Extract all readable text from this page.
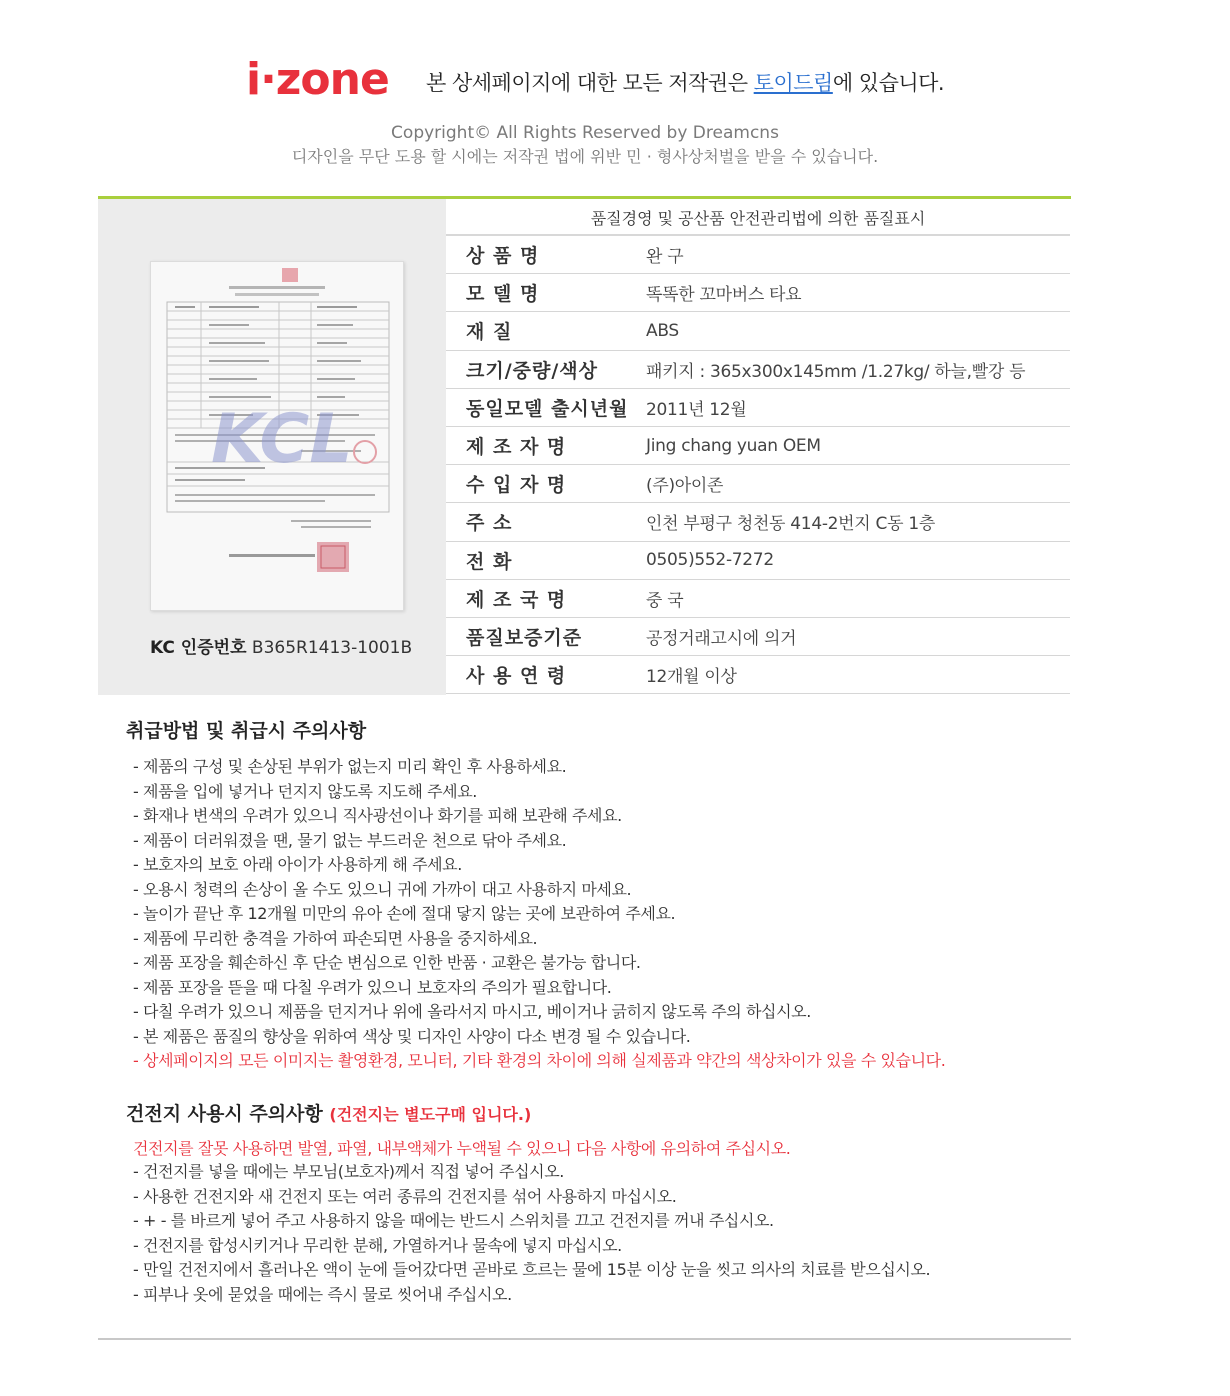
i·zone 본 상세페이지에 대한 모든 저작권은 토이드림에 있습니다.
Copyright© All Rights Reserved by Dreamcns
디자인을 무단 도용 할 시에는 저작권 법에 위반 민 · 형사상처벌을 받을 수 있습니다.
KCL
KC 인증번호 B365R1413-1001B
품질경영 및 공산품 안전관리법에 의한 품질표시
상 품 명	완 구
모 델 명	똑똑한 꼬마버스 타요
재 질	ABS
크기/중량/색상	패키지 : 365x300x145mm /1.27kg/ 하늘,빨강 등
동일모델 출시년월	2011년 12월
제 조 자 명	Jing chang yuan OEM
수 입 자 명	(주)아이존
주 소	인천 부평구 청천동 414-2번지 C동 1층
전 화	0505)552-7272
제 조 국 명	중 국
품질보증기준	공정거래고시에 의거
사 용 연 령	12개월 이상
취급방법 및 취급시 주의사항
- 제품의 구성 및 손상된 부위가 없는지 미리 확인 후 사용하세요.
- 제품을 입에 넣거나 던지지 않도록 지도해 주세요.
- 화재나 변색의 우려가 있으니 직사광선이나 화기를 피해 보관해 주세요.
- 제품이 더러워졌을 땐, 물기 없는 부드러운 천으로 닦아 주세요.
- 보호자의 보호 아래 아이가 사용하게 해 주세요.
- 오용시 청력의 손상이 올 수도 있으니 귀에 가까이 대고 사용하지 마세요.
- 놀이가 끝난 후 12개월 미만의 유아 손에 절대 닿지 않는 곳에 보관하여 주세요.
- 제품에 무리한 충격을 가하여 파손되면 사용을 중지하세요.
- 제품 포장을 훼손하신 후 단순 변심으로 인한 반품 · 교환은 불가능 합니다.
- 제품 포장을 뜯을 때 다칠 우려가 있으니 보호자의 주의가 필요합니다.
- 다칠 우려가 있으니 제품을 던지거나 위에 올라서지 마시고, 베이거나 긁히지 않도록 주의 하십시오.
- 본 제품은 품질의 향상을 위하여 색상 및 디자인 사양이 다소 변경 될 수 있습니다.
- 상세페이지의 모든 이미지는 촬영환경, 모니터, 기타 환경의 차이에 의해 실제품과 약간의 색상차이가 있을 수 있습니다.
건전지 사용시 주의사항 (건전지는 별도구매 입니다.)
건전지를 잘못 사용하면 발열, 파열, 내부액체가 누액될 수 있으니 다음 사항에 유의하여 주십시오.
- 건전지를 넣을 때에는 부모님(보호자)께서 직접 넣어 주십시오.
- 사용한 건전지와 새 건전지 또는 여러 종류의 건전지를 섞어 사용하지 마십시오.
- + - 를 바르게 넣어 주고 사용하지 않을 때에는 반드시 스위치를 끄고 건전지를 꺼내 주십시오.
- 건전지를 합성시키거나 무리한 분해, 가열하거나 물속에 넣지 마십시오.
- 만일 건전지에서 흘러나온 액이 눈에 들어갔다면 곧바로 흐르는 물에 15분 이상 눈을 씻고 의사의 치료를 받으십시오.
- 피부나 옷에 묻었을 때에는 즉시 물로 씻어내 주십시오.
